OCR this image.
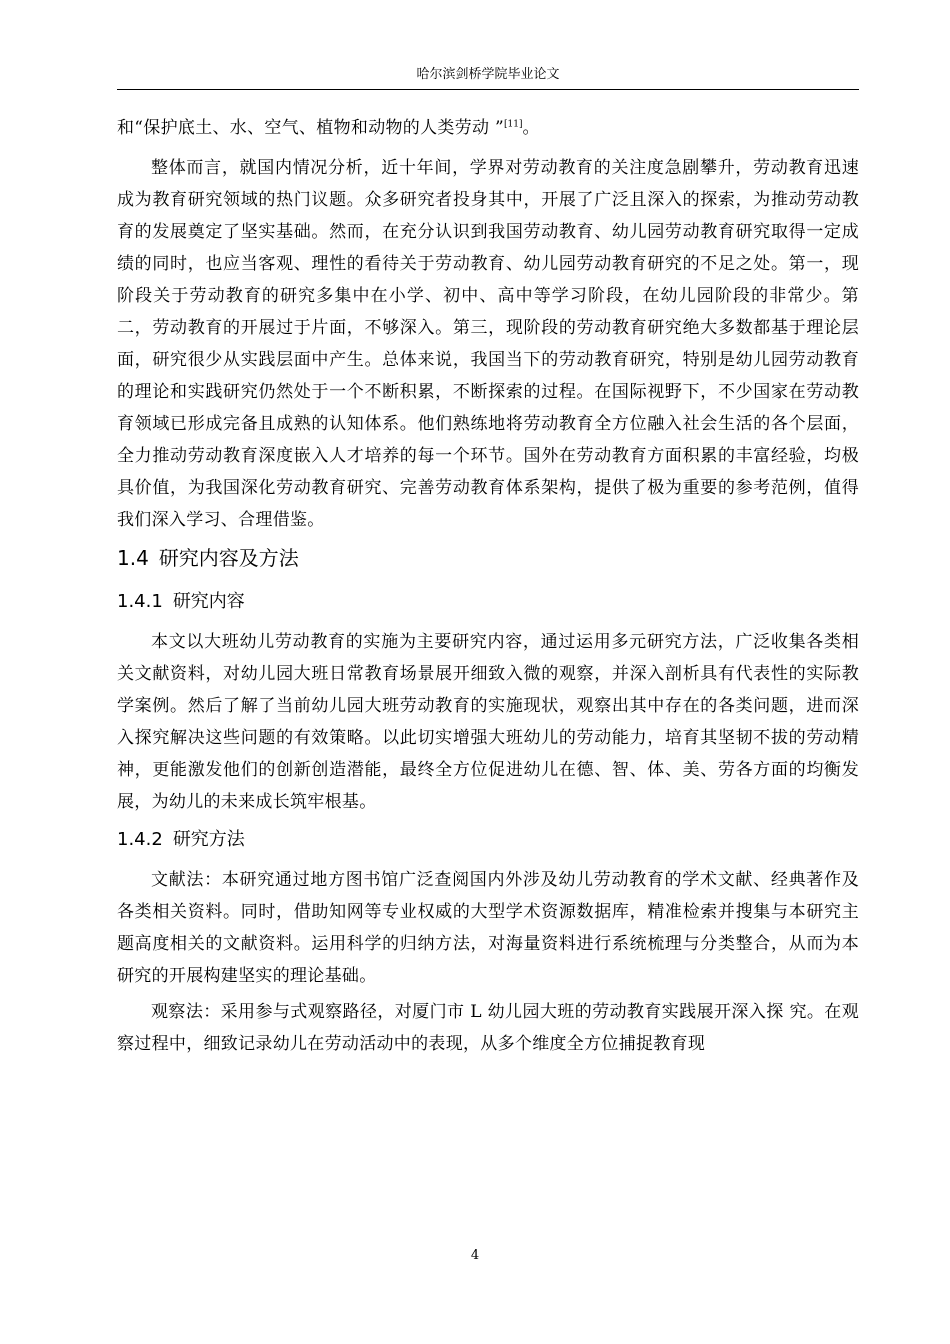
哈尔滨剑桥学院毕业论文

和“保护底土、水、空气、植物和动物的人类劳动 ”[11]。

整体而言，就国内情况分析，近十年间，学界对劳动教育的关注度急剧攀升，劳动教育迅速成为教育研究领域的热门议题。众多研究者投身其中，开展了广泛且深入的探索，为推动劳动教育的发展奠定了坚实基础。然而，在充分认识到我国劳动教育、幼儿园劳动教育研究取得一定成绩的同时，也应当客观、理性的看待关于劳动教育、幼儿园劳动教育研究的不足之处。第一，现阶段关于劳动教育的研究多集中在小学、初中、高中等学习阶段，在幼儿园阶段的非常少。第二，劳动教育的开展过于片面，不够深入。第三，现阶段的劳动教育研究绝大多数都基于理论层面，研究很少从实践层面中产生。总体来说，我国当下的劳动教育研究，特别是幼儿园劳动教育的理论和实践研究仍然处于一个不断积累，不断探索的过程。在国际视野下，不少国家在劳动教育领域已形成完备且成熟的认知体系。他们熟练地将劳动教育全方位融入社会生活的各个层面，全力推动劳动教育深度嵌入人才培养的每一个环节。国外在劳动教育方面积累的丰富经验，均极具价值，为我国深化劳动教育研究、完善劳动教育体系架构，提供了极为重要的参考范例，值得我们深入学习、合理借鉴。

1.4 研究内容及方法
1.4.1 研究内容

本文以大班幼儿劳动教育的实施为主要研究内容，通过运用多元研究方法，广泛收集各类相关文献资料，对幼儿园大班日常教育场景展开细致入微的观察，并深入剖析具有代表性的实际教学案例。然后了解了当前幼儿园大班劳动教育的实施现状，观察出其中存在的各类问题，进而深入探究解决这些问题的有效策略。以此切实增强大班幼儿的劳动能力，培育其坚韧不拔的劳动精神，更能激发他们的创新创造潜能，最终全方位促进幼儿在德、智、体、美、劳各方面的均衡发展，为幼儿的未来成长筑牢根基。

1.4.2 研究方法

文献法：本研究通过地方图书馆广泛查阅国内外涉及幼儿劳动教育的学术文献、经典著作及各类相关资料。同时，借助知网等专业权威的大型学术资源数据库，精准检索并搜集与本研究主题高度相关的文献资料。运用科学的归纳方法，对海量资料进行系统梳理与分类整合，从而为本研究的开展构建坚实的理论基础。

观察法：采用参与式观察路径，对厦门市 L 幼儿园大班的劳动教育实践展开深入探 究。在观察过程中，细致记录幼儿在劳动活动中的表现，从多个维度全方位捕捉教育现

4
